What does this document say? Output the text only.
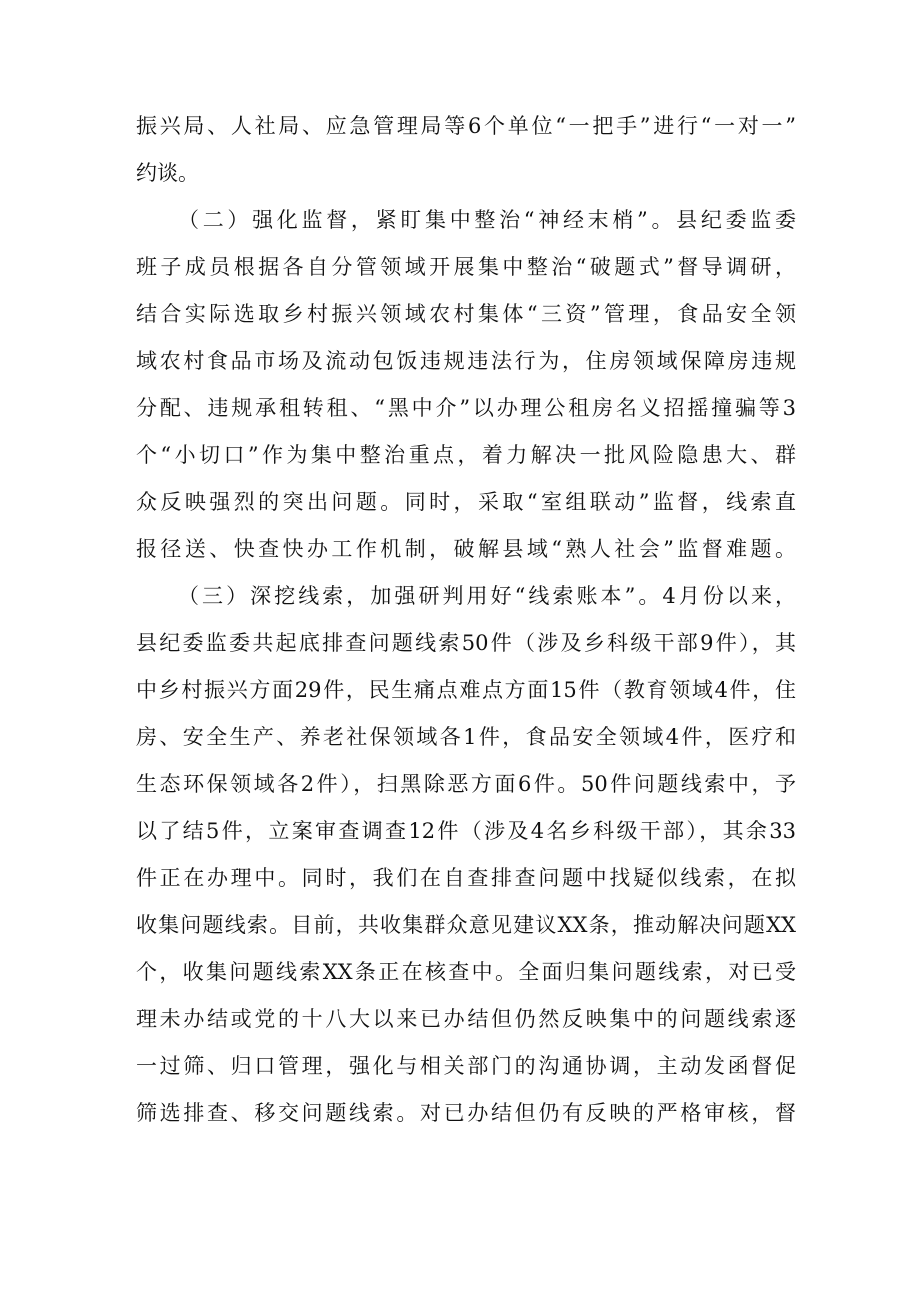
振兴局、人社局、应急管理局等6个单位“一把手”进行“一对一”
约谈。
（二）强化监督，紧盯集中整治“神经末梢”。县纪委监委
班子成员根据各自分管领域开展集中整治“破题式”督导调研，
结合实际选取乡村振兴领域农村集体“三资”管理，食品安全领
域农村食品市场及流动包饭违规违法行为，住房领域保障房违规
分配、违规承租转租、“黑中介”以办理公租房名义招摇撞骗等3
个“小切口”作为集中整治重点，着力解决一批风险隐患大、群
众反映强烈的突出问题。同时，采取“室组联动”监督，线索直
报径送、快查快办工作机制，破解县域“熟人社会”监督难题。
（三）深挖线索，加强研判用好“线索账本”。4月份以来，
县纪委监委共起底排查问题线索50件（涉及乡科级干部9件），其
中乡村振兴方面29件，民生痛点难点方面15件（教育领域4件，住
房、安全生产、养老社保领域各1件，食品安全领域4件，医疗和
生态环保领域各2件），扫黑除恶方面6件。50件问题线索中，予
以了结5件，立案审查调查12件（涉及4名乡科级干部），其余33
件正在办理中。同时，我们在自查排查问题中找疑似线索，在拟
收集问题线索。目前，共收集群众意见建议XX条，推动解决问题XX
个，收集问题线索XX条正在核查中。全面归集问题线索，对已受
理未办结或党的十八大以来已办结但仍然反映集中的问题线索逐
一过筛、归口管理，强化与相关部门的沟通协调，主动发函督促
筛选排查、移交问题线索。对已办结但仍有反映的严格审核，督
